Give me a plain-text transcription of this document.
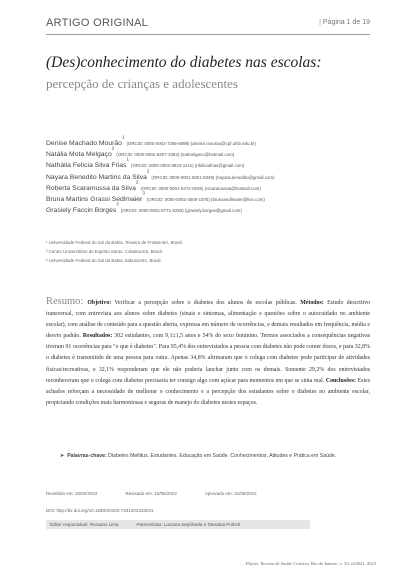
ARTIGO ORIGINAL	| Página 1 de 19
(Des)conhecimento do diabetes nas escolas:
percepção de crianças e adolescentes
Denise Machado Mourão$^1$(ORCID: 0000-0002-7265-6898) (denise.mourao@cpf.ufsb.edu.br)
Natália Mota Melgaço$^2$(ORCID: 0000-0002-6207-3382) (natmelgaco@hotmail.com)
Nathália Felícia Silva Frias$^1$(ORCID: 0000-0002-8924-1411) (nfeliciafrias@gmail.com)
Nayara Benedito Martins da Silva$^2$(ORCID: 0000-0001-6501-8349) (nayara.benedito@gmail.com)
Roberta Scaramussa da Silva$^2$(ORCID: 0000-0001-5472-0036) (rscaramussa@hotmail.com)
Bruna Martins Grassi Sedlmaier$^3$(ORCID: 0000-0002-4069-1075) (brunasedlmaier@live.com)
Grasiely Faccin Borges$^3$(ORCID: 0000-0002-5771-6259) (grasiely.borges@gmail.com)
¹ Universidade Federal do Sul da Bahia. Teixeira de Freitas-BA, Brasil.
² Centro Universitário do Espírito Santo. Colatina-ES, Brasil.
³ Universidade Federal do Sul da Bahia. Itabuna-BA, Brasil.
Resumo: Objetivo: Verificar a percepção sobre o diabetes dos alunos de escolas públicas. Métodos: Estudo descritivo transversal, com entrevista aos alunos sobre diabetes (sinais e sintomas, alimentação e questões sobre o autocuidado no ambiente escolar), com análise de conteúdo para a questão aberta, expressa em número de ocorrências, e demais resultados em frequência, média e desvio padrão. Resultados: 302 estudantes, com 9,1±1,5 anos e 54% do sexo feminino. Termos associados a consequências negativas tiveram 91 ocorrências para "o que é diabetes". Para 95,4% dos entrevistados a pessoa com diabetes não pode comer doces, e para 32,8% o diabetes é transmitido de uma pessoa para outra. Apenas 34,8% afirmaram que o colega com diabetes pode participar de atividades físicas/recreativas, e 32,1% responderam que ele não poderia lanchar junto com os demais. Somente 29,2% dos entrevistados reconheceram que o colega com diabetes precisaria ter consigo algo com açúcar para momentos em que se sinta mal. Conclusões: Estes achados reforçam a necessidade de melhorar o conhecimento e a percepção dos estudantes sobre o diabetes no ambiente escolar, propiciando condições mais harmoniosas e seguras de manejo do diabetes nestes espaços.
➤ Palavras-chave: Diabetes Mellitus. Estudantes. Educação em Saúde. Conhecimentos, Atitudes e Prática em Saúde.
Recebido em: 10/02/2022	Revisado em: 10/05/2022	Aprovado em: 31/05/2022
DOI: http://dx.doi.org/10.1590/S0103-7331202333041
Editor responsável: Rossano Lima	Pareceristas: Luciana Sepúlveda e Tassiana Potrich
Physis: Revista de Saúde Coletiva, Rio de Janeiro, v. 33, e33041, 2023
